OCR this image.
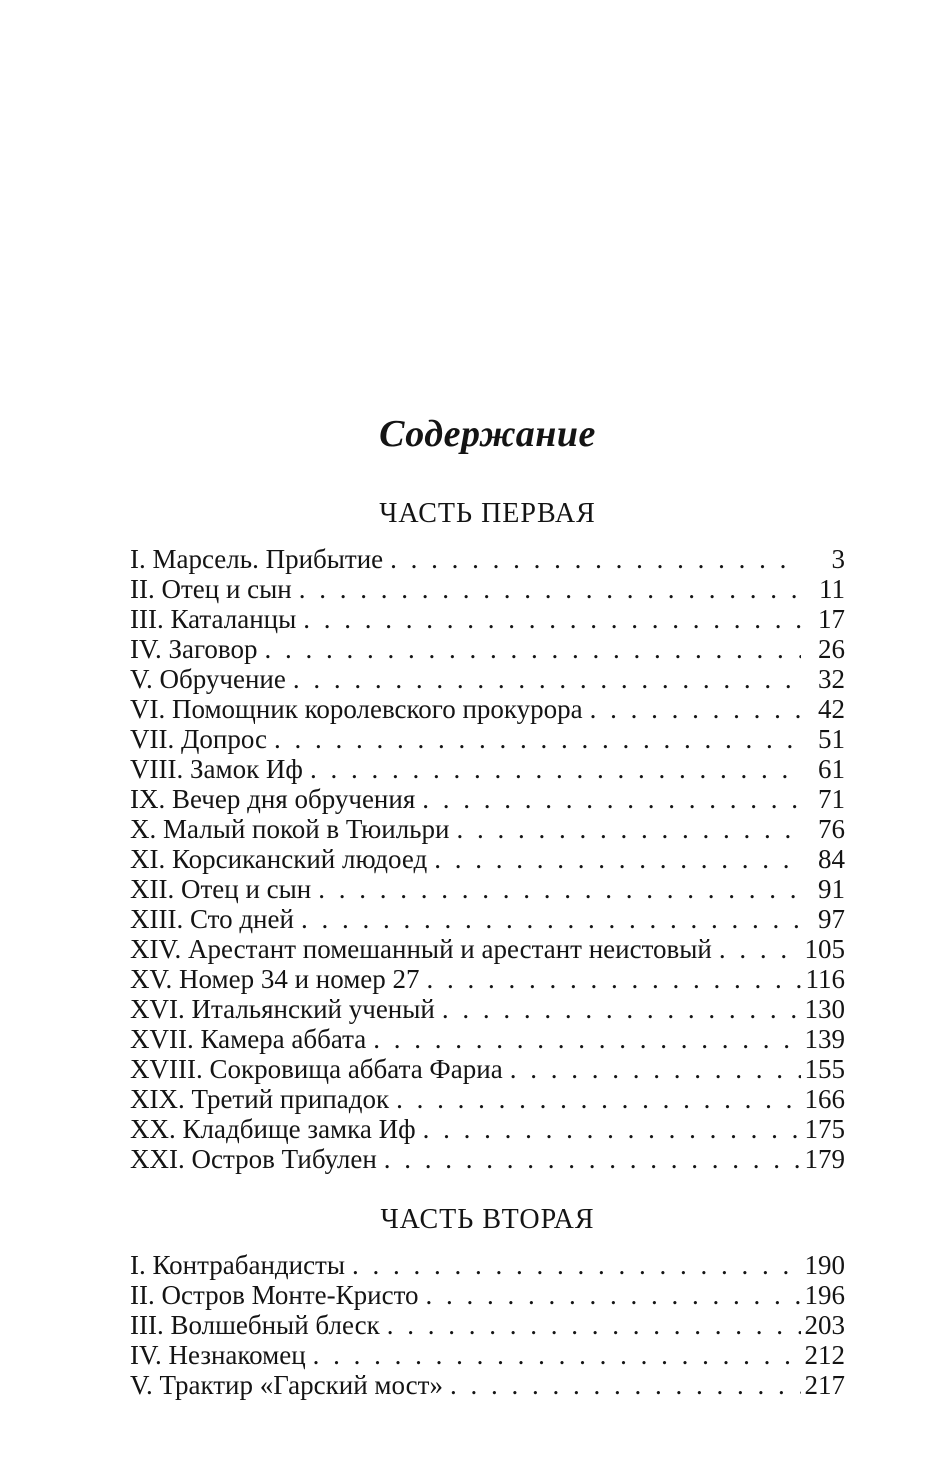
Содержание
ЧАСТЬ ПЕРВАЯ
I. Марсель. Прибытие . . .	3
II. Отец и сын . . .	11
III. Каталанцы . . .	17
IV. Заговор . . .	26
V. Обручение . . .	32
VI. Помощник королевского прокурора . . .	42
VII. Допрос . . .	51
VIII. Замок Иф . . .	61
IX. Вечер дня обручения . . .	71
X. Малый покой в Тюильри . . .	76
XI. Корсиканский людоед . . .	84
XII. Отец и сын . . .	91
XIII. Сто дней . . .	97
XIV. Арестант помешанный и арестант неистовый . . .	105
XV. Номер 34 и номер 27 . . .	116
XVI. Итальянский ученый . . .	130
XVII. Камера аббата . . .	139
XVIII. Сокровища аббата Фариа . . .	155
XIX. Третий припадок . . .	166
XX. Кладбище замка Иф . . .	175
XXI. Остров Тибулен . . .	179
ЧАСТЬ ВТОРАЯ
I. Контрабандисты . . .	190
II. Остров Монте-Кристо . . .	196
III. Волшебный блеск . . .	203
IV. Незнакомец . . .	212
V. Трактир «Гарский мост» . . .	217
